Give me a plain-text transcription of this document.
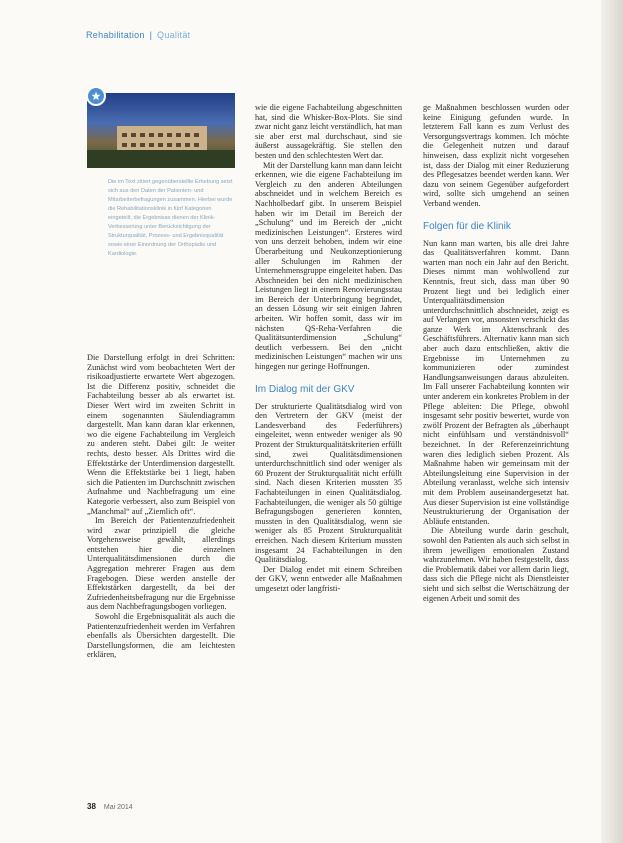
Rehabilitation | Qualität
Die im Text zitiert gegenüberstellte Erhebung setzt sich aus den Daten der Patienten- und Mitarbeiterbefragungen zusammen. Hierbei wurde die Rehabilitationsklinik in fünf Kategorien eingeteilt, die Ergebnisse dienen der Klinik-Verbesserung unter Berücksichtigung der Strukturqualität, Prozess- und Ergebnisqualität sowie einer Einordnung der Orthopädie und Kardiologie.

Die Darstellung erfolgt in drei Schritten: Zunächst wird vom beobachteten Wert der risikoadjustierte erwartete Wert abgezogen. Ist die Differenz positiv, schneidet die Fachabteilung besser ab als erwartet ist. Dieser Wert wird im zweiten Schritt in einem sogenannten Säulendiagramm dargestellt. Man kann daran klar erkennen, wo die eigene Fachabteilung im Vergleich zu anderen steht. Dabei gilt: Je weiter rechts, desto besser. Als Drittes wird die Effektstärke der Unterdimension dargestellt. Wenn die Effektstärke bei 1 liegt, haben sich die Patienten im Durchschnitt zwischen Aufnahme und Nachbefragung um eine Kategorie verbessert, also zum Beispiel von „Manchmal“ auf „Ziemlich oft“.

Im Bereich der Patientenzufriedenheit wird zwar prinzipiell die gleiche Vorgehensweise gewählt, allerdings entstehen hier die einzelnen Unterqualitätsdimensionen durch die Aggregation mehrerer Fragen aus dem Fragebogen. Diese werden anstelle der Effektstärken dargestellt, da bei der Zufriedenheitsbefragung nur die Ergebnisse aus dem Nachbefragungsbogen vorliegen.

Sowohl die Ergebnisqualität als auch die Patientenzufriedenheit werden im Verfahren ebenfalls als Übersichten dargestellt. Die Darstellungsformen, die am leichtesten erklären,

wie die eigene Fachabteilung abgeschnitten hat, sind die Whisker-Box-Plots. Sie sind zwar nicht ganz leicht verständlich, hat man sie aber erst mal durchschaut, sind sie äußerst aussagekräftig. Sie stellen den besten und den schlechtesten Wert dar.

Mit der Darstellung kann man dann leicht erkennen, wie die eigene Fachabteilung im Vergleich zu den anderen Abteilungen abschneidet und in welchem Bereich es Nachholbedarf gibt. In unserem Beispiel haben wir im Detail im Bereich der „Schulung“ und im Bereich der „nicht medizinischen Leistungen“. Ersteres wird von uns derzeit behoben, indem wir eine Überarbeitung und Neukonzeptionierung aller Schulungen im Rahmen der Unternehmensgruppe eingeleitet haben. Das Abschneiden bei den nicht medizinischen Leistungen liegt in einem Renovierungsstau im Bereich der Unterbringung begründet, an dessen Lösung wir seit einigen Jahren arbeiten. Wir hoffen somit, dass wir im nächsten QS-Reha-Verfahren die Qualitätsunterdimension „Schulung“ deutlich verbessern. Bei den „nicht medizinischen Leistungen“ machen wir uns hingegen nur geringe Hoffnungen.

Im Dialog mit der GKV

Der strukturierte Qualitätsdialog wird von den Vertretern der GKV (meist der Landesverband des Federführers) eingeleitet, wenn entweder weniger als 90 Prozent der Strukturqualitätskriterien erfüllt sind, zwei Qualitätsdimensionen unterdurchschnittlich sind oder weniger als 60 Prozent der Strukturqualität nicht erfüllt sind. Nach diesen Kriterien mussten 35 Fachabteilungen in einen Qualitätsdialog. Fachabteilungen, die weniger als 50 gültige Befragungsbogen generieren konnten, mussten in den Qualitätsdialog, wenn sie weniger als 85 Prozent Strukturqualität erreichen. Nach diesem Kriterium mussten insgesamt 24 Fachabteilungen in den Qualitätsdialog.

Der Dialog endet mit einem Schreiben der GKV, wenn entweder alle Maßnahmen umgesetzt oder langfristi-

ge Maßnahmen beschlossen wurden oder keine Einigung gefunden wurde. In letzterem Fall kann es zum Verlust des Versorgungsvertrags kommen. Ich möchte die Gelegenheit nutzen und darauf hinweisen, dass explizit nicht vorgesehen ist, dass der Dialog mit einer Reduzierung des Pflegesatzes beendet werden kann. Wer dazu von seinem Gegenüber aufgefordert wird, sollte sich umgehend an seinen Verband wenden.

Folgen für die Klinik

Nun kann man warten, bis alle drei Jahre das Qualitätsverfahren kommt. Dann warten man noch ein Jahr auf den Bericht. Dieses nimmt man wohlwollend zur Kenntnis, freut sich, dass man über 90 Prozent liegt und bei lediglich einer Unterqualitätsdimension unterdurchschnittlich abschneidet, zeigt es auf Verlangen vor, ansonsten verschickt das ganze Werk im Aktenschrank des Geschäftsführers. Alternativ kann man sich aber auch dazu entschließen, aktiv die Ergebnisse im Unternehmen zu kommunizieren oder zumindest Handlungsanweisungen daraus abzuleiten. Im Fall unserer Fachabteilung konnten wir unter anderem ein konkretes Problem in der Pflege ableiten: Die Pflege, obwohl insgesamt sehr positiv bewertet, wurde von zwölf Prozent der Befragten als „überhaupt nicht einfühlsam und verständnisvoll“ bezeichnet. In der Referenzeinrichtung waren dies lediglich sieben Prozent. Als Maßnahme haben wir gemeinsam mit der Abteilungsleitung eine Supervision in der Abteilung veranlasst, welche sich intensiv mit dem Problem auseinandergesetzt hat. Aus dieser Supervision ist eine vollständige Neustrukturierung der Organisation der Abläufe entstanden.

Die Abteilung wurde darin geschult, sowohl den Patienten als auch sich selbst in ihrem jeweiligen emotionalen Zustand wahrzunehmen. Wir haben festgestellt, dass die Problematik dabei vor allem darin liegt, dass sich die Pflege nicht als Dienstleister sieht und sich selbst die Wertschätzung der eigenen Arbeit und somit des

38 Mai 2014
